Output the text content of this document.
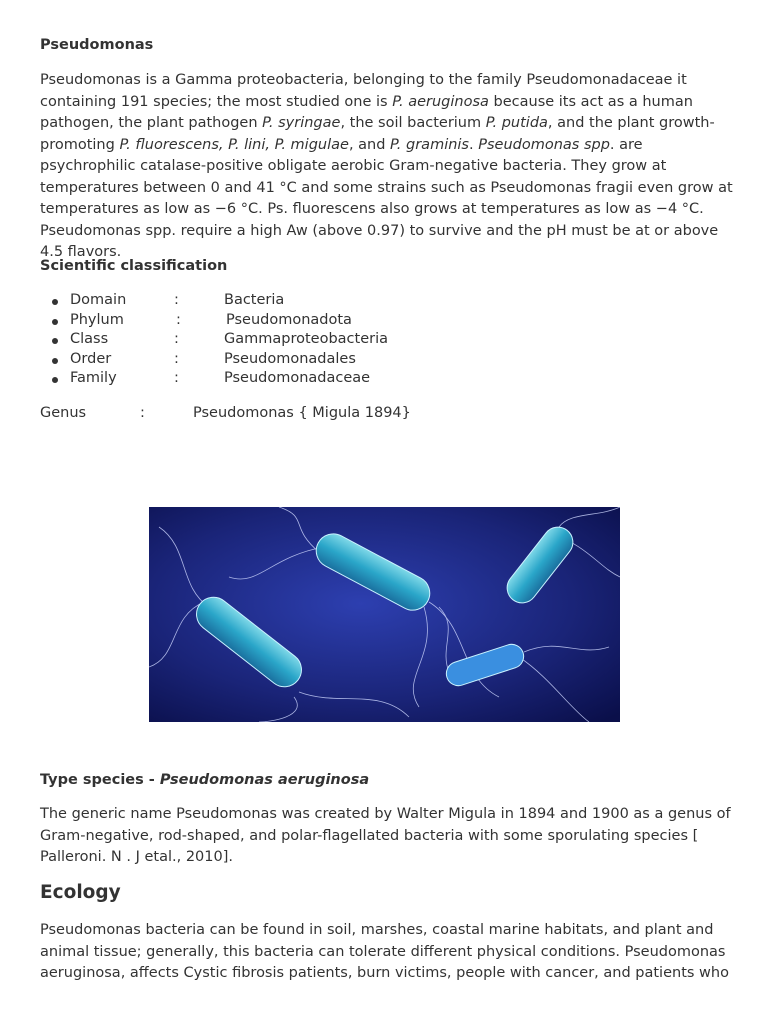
Pseudomonas

Pseudomonas is a Gamma proteobacteria, belonging to the family Pseudomonadaceae it containing 191 species; the most studied one is P. aeruginosa because its act as a human pathogen, the plant pathogen P. syringae, the soil bacterium P. putida, and the plant growth-promoting P. fluorescens, P. lini, P. migulae, and P. graminis. Pseudomonas spp. are psychrophilic catalase-positive obligate aerobic Gram-negative bacteria. They grow at temperatures between 0 and 41 °C and some strains such as Pseudomonas fragii even grow at temperatures as low as −6 °C. Ps. fluorescens also grows at temperatures as low as −4 °C. Pseudomonas spp. require a high Aw (above 0.97) to survive and the pH must be at or above 4.5 flavors.

Scientific classification
Domain	:	Bacteria
Phylum	:	Pseudomonadota
Class	:	Gammaproteobacteria
Order	:	Pseudomonadales
Family	:	Pseudomonadaceae
Genus	:	Pseudomonas { Migula 1894}
Type species - Pseudomonas aeruginosa

The generic name Pseudomonas was created by Walter Migula in 1894 and 1900 as a genus of Gram-negative, rod-shaped, and polar-flagellated bacteria with some sporulating species [ Palleroni. N . J etal., 2010].

Ecology

Pseudomonas bacteria can be found in soil, marshes, coastal marine habitats, and plant and animal tissue; generally, this bacteria can tolerate different physical conditions. Pseudomonas aeruginosa, affects Cystic fibrosis patients, burn victims, people with cancer, and patients who
